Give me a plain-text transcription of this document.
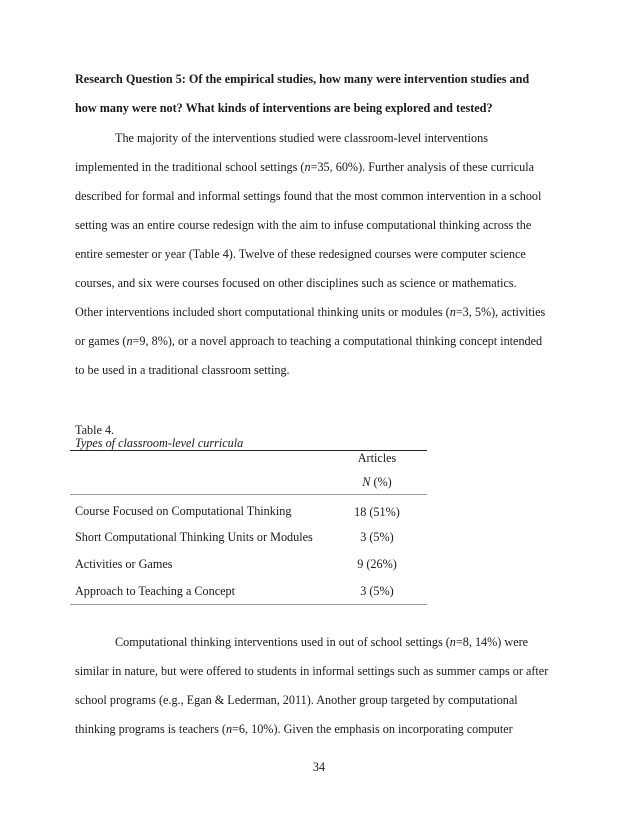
Research Question 5: Of the empirical studies, how many were intervention studies and
how many were not? What kinds of interventions are being explored and tested?
The majority of the interventions studied were classroom-level interventions
implemented in the traditional school settings (n=35, 60%). Further analysis of these curricula
described for formal and informal settings found that the most common intervention in a school
setting was an entire course redesign with the aim to infuse computational thinking across the
entire semester or year (Table 4). Twelve of these redesigned courses were computer science
courses, and six were courses focused on other disciplines such as science or mathematics.
Other interventions included short computational thinking units or modules (n=3, 5%), activities
or games (n=9, 8%), or a novel approach to teaching a computational thinking concept intended
to be used in a traditional classroom setting.
Table 4.
Types of classroom-level curricula
Articles
N (%)
Course Focused on Computational Thinking	18 (51%)
Short Computational Thinking Units or Modules	3 (5%)
Activities or Games	9 (26%)
Approach to Teaching a Concept	3 (5%)
Computational thinking interventions used in out of school settings (n=8, 14%) were
similar in nature, but were offered to students in informal settings such as summer camps or after
school programs (e.g., Egan & Lederman, 2011). Another group targeted by computational
thinking programs is teachers (n=6, 10%). Given the emphasis on incorporating computer
34
